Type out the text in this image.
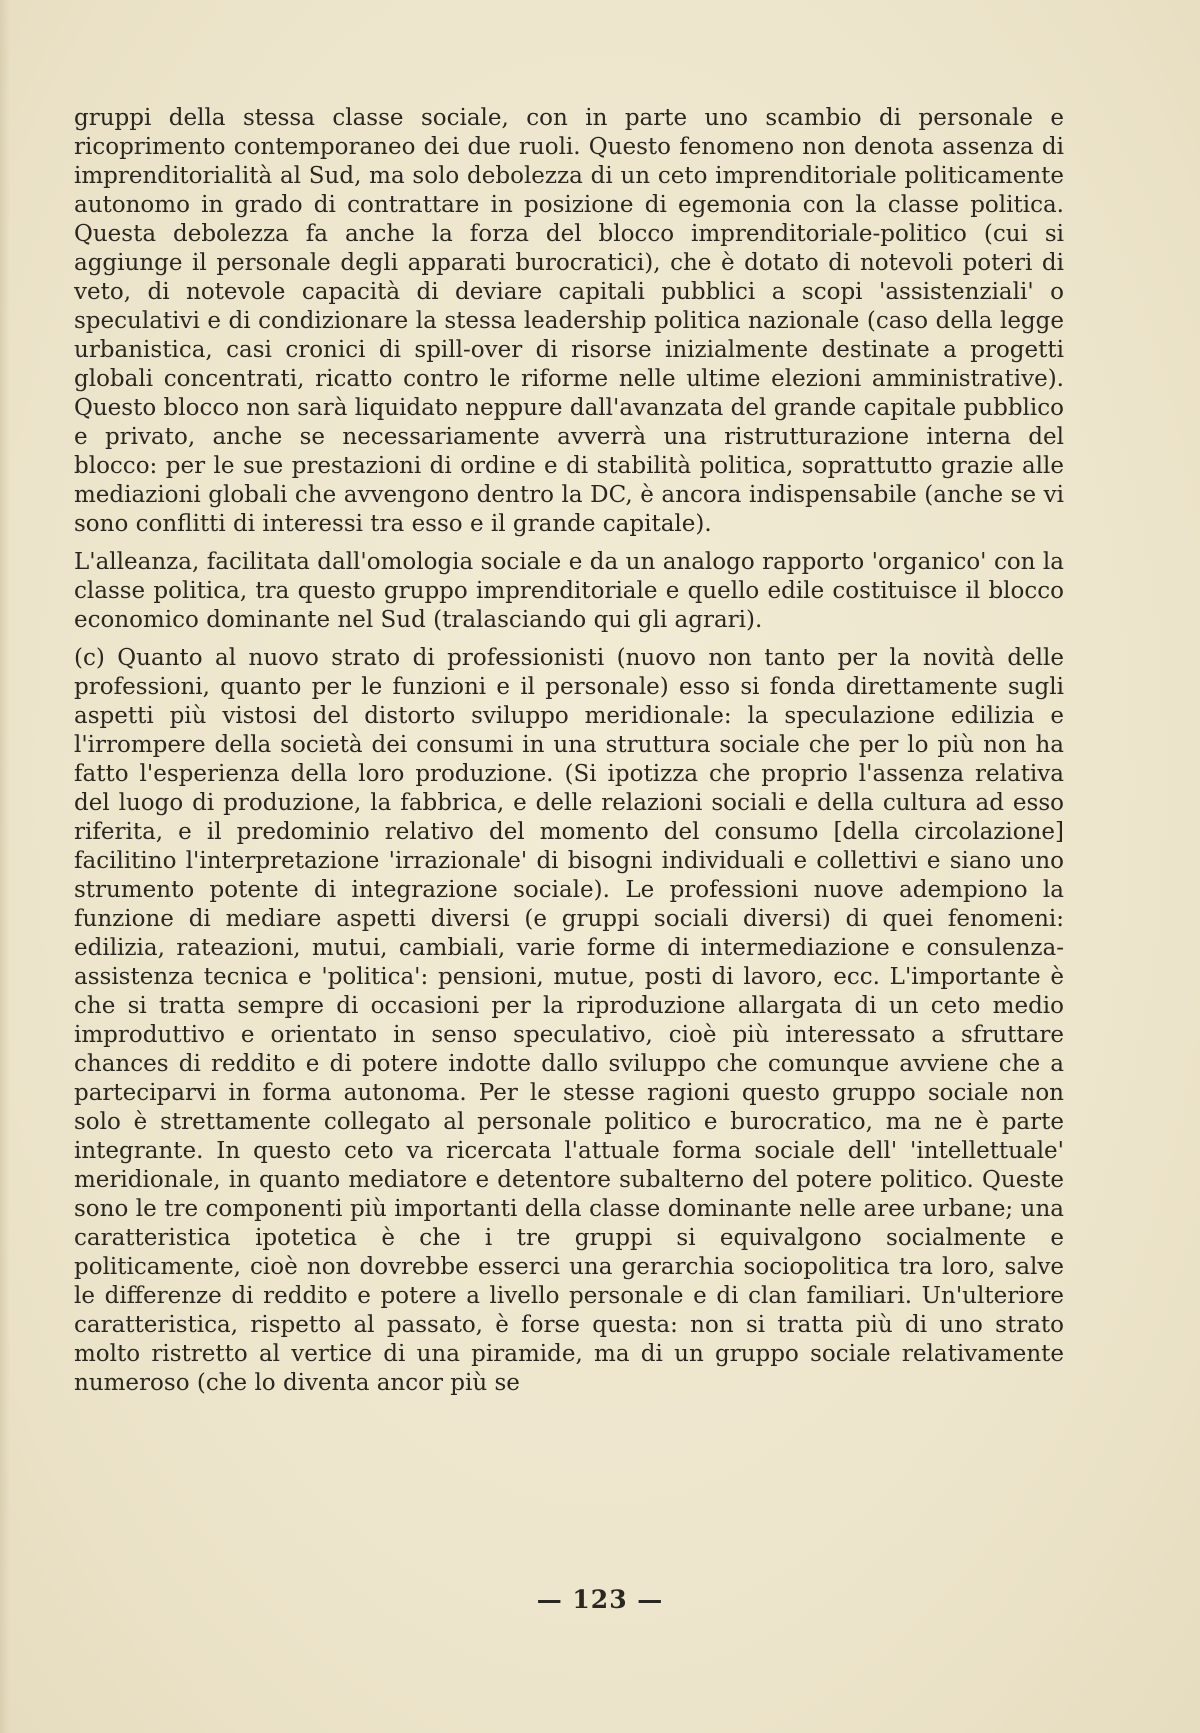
gruppi della stessa classe sociale, con in parte uno scambio di personale e ricoprimento contemporaneo dei due ruoli. Questo fenomeno non denota assenza di imprenditorialità al Sud, ma solo debolezza di un ceto imprenditoriale politicamente autonomo in grado di contrattare in posizione di egemonia con la classe politica. Questa debolezza fa anche la forza del blocco imprenditoriale-politico (cui si aggiunge il personale degli apparati burocratici), che è dotato di notevoli poteri di veto, di notevole capacità di deviare capitali pubblici a scopi 'assistenziali' o speculativi e di condizionare la stessa leadership politica nazionale (caso della legge urbanistica, casi cronici di spill-over di risorse inizialmente destinate a progetti globali concentrati, ricatto contro le riforme nelle ultime elezioni amministrative). Questo blocco non sarà liquidato neppure dall'avanzata del grande capitale pubblico e privato, anche se necessariamente avverrà una ristrutturazione interna del blocco: per le sue prestazioni di ordine e di stabilità politica, soprattutto grazie alle mediazioni globali che avvengono dentro la DC, è ancora indispensabile (anche se vi sono conflitti di interessi tra esso e il grande capitale).

L'alleanza, facilitata dall'omologia sociale e da un analogo rapporto 'organico' con la classe politica, tra questo gruppo imprenditoriale e quello edile costituisce il blocco economico dominante nel Sud (tralasciando qui gli agrari).

(c) Quanto al nuovo strato di professionisti (nuovo non tanto per la novità delle professioni, quanto per le funzioni e il personale) esso si fonda direttamente sugli aspetti più vistosi del distorto sviluppo meridionale: la speculazione edilizia e l'irrompere della società dei consumi in una struttura sociale che per lo più non ha fatto l'esperienza della loro produzione. (Si ipotizza che proprio l'assenza relativa del luogo di produzione, la fabbrica, e delle relazioni sociali e della cultura ad esso riferita, e il predominio relativo del momento del consumo [della circolazione] facilitino l'interpretazione 'irrazionale' di bisogni individuali e collettivi e siano uno strumento potente di integrazione sociale). Le professioni nuove adempiono la funzione di mediare aspetti diversi (e gruppi sociali diversi) di quei fenomeni: edilizia, rateazioni, mutui, cambiali, varie forme di intermediazione e consulenza-assistenza tecnica e 'politica': pensioni, mutue, posti di lavoro, ecc. L'importante è che si tratta sempre di occasioni per la riproduzione allargata di un ceto medio improduttivo e orientato in senso speculativo, cioè più interessato a sfruttare chances di reddito e di potere indotte dallo sviluppo che comunque avviene che a parteciparvi in forma autonoma. Per le stesse ragioni questo gruppo sociale non solo è strettamente collegato al personale politico e burocratico, ma ne è parte integrante. In questo ceto va ricercata l'attuale forma sociale dell' 'intellettuale' meridionale, in quanto mediatore e detentore subalterno del potere politico. Queste sono le tre componenti più importanti della classe dominante nelle aree urbane; una caratteristica ipotetica è che i tre gruppi si equivalgono socialmente e politicamente, cioè non dovrebbe esserci una gerarchia sociopolitica tra loro, salve le differenze di reddito e potere a livello personale e di clan familiari. Un'ulteriore caratteristica, rispetto al passato, è forse questa: non si tratta più di uno strato molto ristretto al vertice di una piramide, ma di un gruppo sociale relativamente numeroso (che lo diventa ancor più se

— 123 —
